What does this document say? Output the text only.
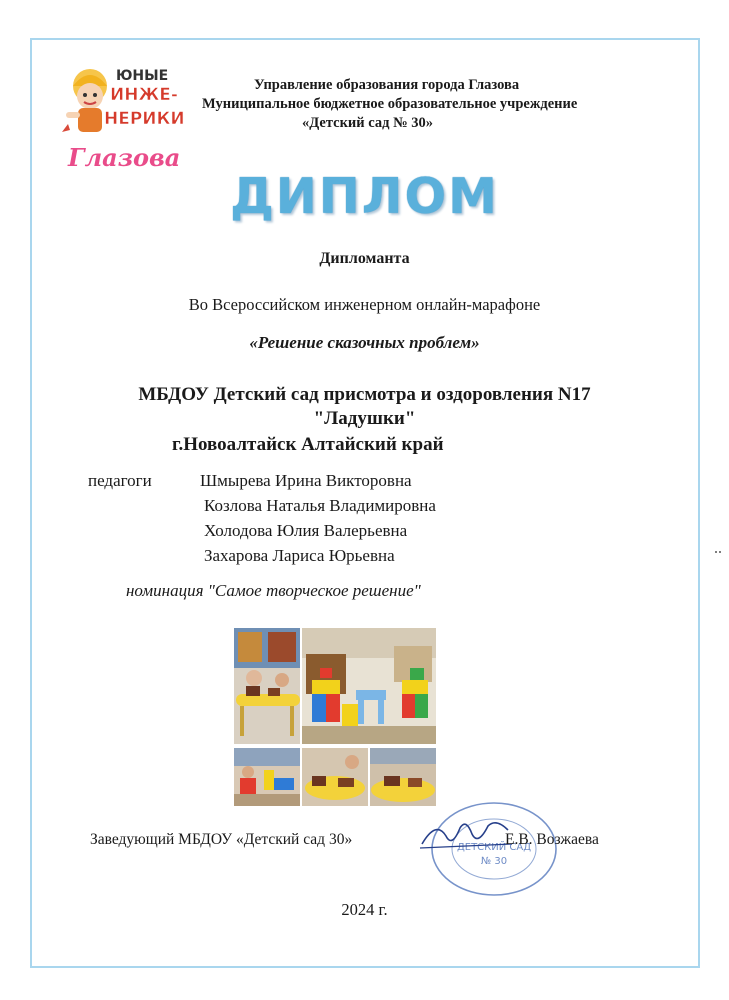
ЮНЫЕ
ИНЖЕ-
НЕРИКИ
Глазова
Управление образования города Глазова
Муниципальное бюджетное образовательное учреждение
«Детский сад № 30»
ДИПЛОМ
Дипломанта
Во Всероссийском инженерном онлайн-марафоне
«Решение сказочных проблем»
МБДОУ Детский сад присмотра и оздоровления N17
"Ладушки"
г.Новоалтайск Алтайский край
педагоги	Шмырева Ирина Викторовна
Козлова Наталья Владимировна
Холодова Юлия Валерьевна
Захарова Лариса Юрьевна
номинация "Самое творческое решение"
ДЕТСКИЙ САД
№ 30
Заведующий МБДОУ «Детский сад 30»	Е.В. Возжаева
2024 г.
